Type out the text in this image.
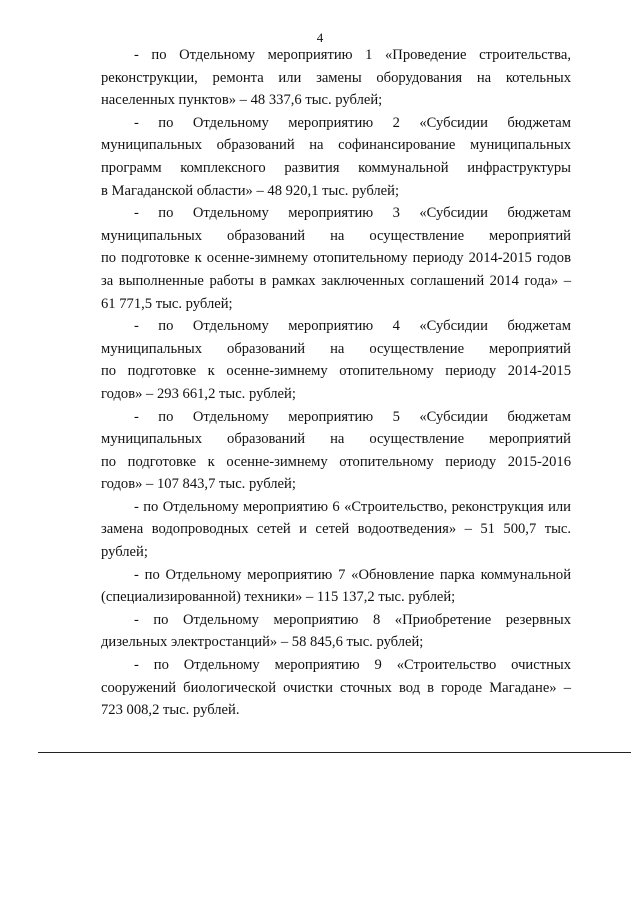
4
- по Отдельному мероприятию 1 «Проведение строительства,
реконструкции, ремонта или замены оборудования на котельных
населенных пунктов» – 48 337,6 тыс. рублей;
- по Отдельному мероприятию 2 «Субсидии бюджетам
муниципальных образований на софинансирование муниципальных
программ комплексного развития коммунальной инфраструктуры
в Магаданской области» – 48 920,1 тыс. рублей;
- по Отдельному мероприятию 3 «Субсидии бюджетам
муниципальных образований на осуществление мероприятий
по подготовке к осенне-зимнему отопительному периоду 2014-2015 годов
за выполненные работы в рамках заключенных соглашений 2014 года» –
61 771,5 тыс. рублей;
- по Отдельному мероприятию 4 «Субсидии бюджетам
муниципальных образований на осуществление мероприятий
по подготовке к осенне-зимнему отопительному периоду 2014-2015
годов» – 293 661,2 тыс. рублей;
- по Отдельному мероприятию 5 «Субсидии бюджетам
муниципальных образований на осуществление мероприятий
по подготовке к осенне-зимнему отопительному периоду 2015-2016
годов» – 107 843,7 тыс. рублей;
- по Отдельному мероприятию 6 «Строительство, реконструкция или
замена водопроводных сетей и сетей водоотведения» – 51 500,7 тыс.
рублей;
- по Отдельному мероприятию 7 «Обновление парка коммунальной
(специализированной) техники» – 115 137,2 тыс. рублей;
- по Отдельному мероприятию 8 «Приобретение резервных
дизельных электростанций» – 58 845,6 тыс. рублей;
- по Отдельному мероприятию 9 «Строительство очистных
сооружений биологической очистки сточных вод в городе Магадане» –
723 008,2 тыс. рублей.
